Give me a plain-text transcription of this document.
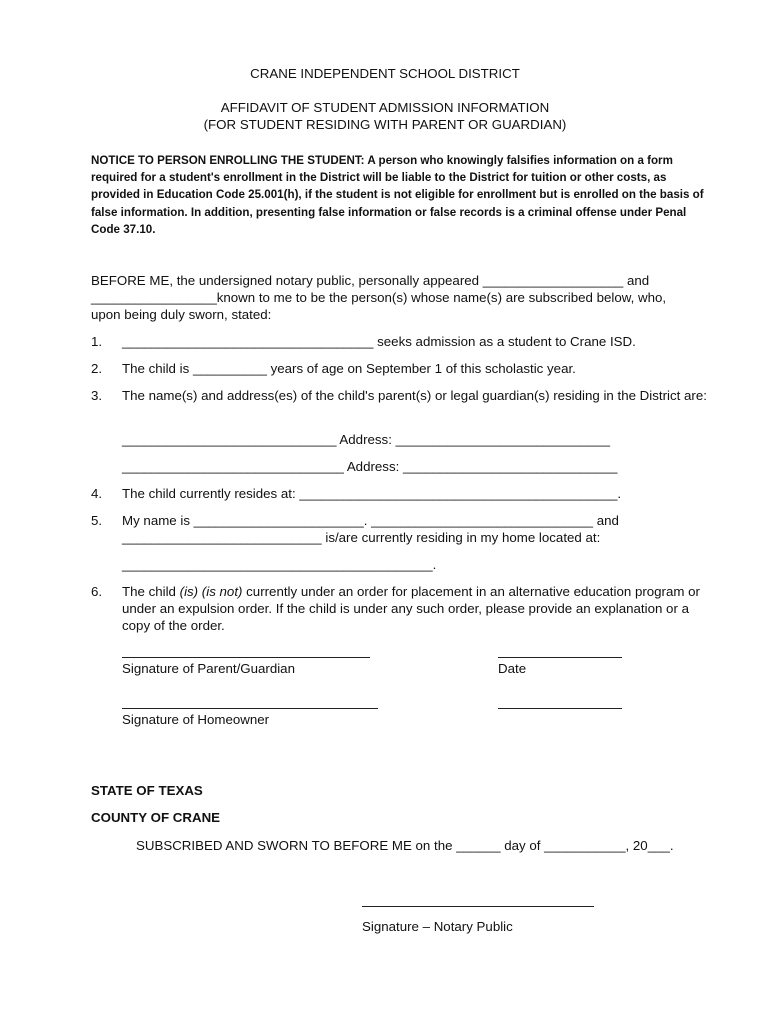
CRANE INDEPENDENT SCHOOL DISTRICT
AFFIDAVIT OF STUDENT ADMISSION INFORMATION
(FOR STUDENT RESIDING WITH PARENT OR GUARDIAN)
NOTICE TO PERSON ENROLLING THE STUDENT: A person who knowingly falsifies information on a form required for a student's enrollment in the District will be liable to the District for tuition or other costs, as provided in Education Code 25.001(h), if the student is not eligible for enrollment but is enrolled on the basis of false information. In addition, presenting false information or false records is a criminal offense under Penal Code 37.10.
BEFORE ME, the undersigned notary public, personally appeared ___________________ and
_________________known to me to be the person(s) whose name(s) are subscribed below, who,
upon being duly sworn, stated:
1. __________________________________ seeks admission as a student to Crane ISD.
2. The child is __________ years of age on September 1 of this scholastic year.
3. The name(s) and address(es) of the child's parent(s) or legal guardian(s) residing in the District are:
_____________________________ Address: _____________________________
______________________________ Address: _____________________________
4. The child currently resides at: ___________________________________________.
5. My name is _______________________. ______________________________ and
___________________________ is/are currently residing in my home located at:
__________________________________________.
6. The child (is) (is not) currently under an order for placement in an alternative education program or under an expulsion order. If the child is under any such order, please provide an explanation or a copy of the order.
Signature of Parent/Guardian	Date
Signature of Homeowner
STATE OF TEXAS
COUNTY OF CRANE
SUBSCRIBED AND SWORN TO BEFORE ME on the ______ day of ___________, 20___.
Signature – Notary Public
